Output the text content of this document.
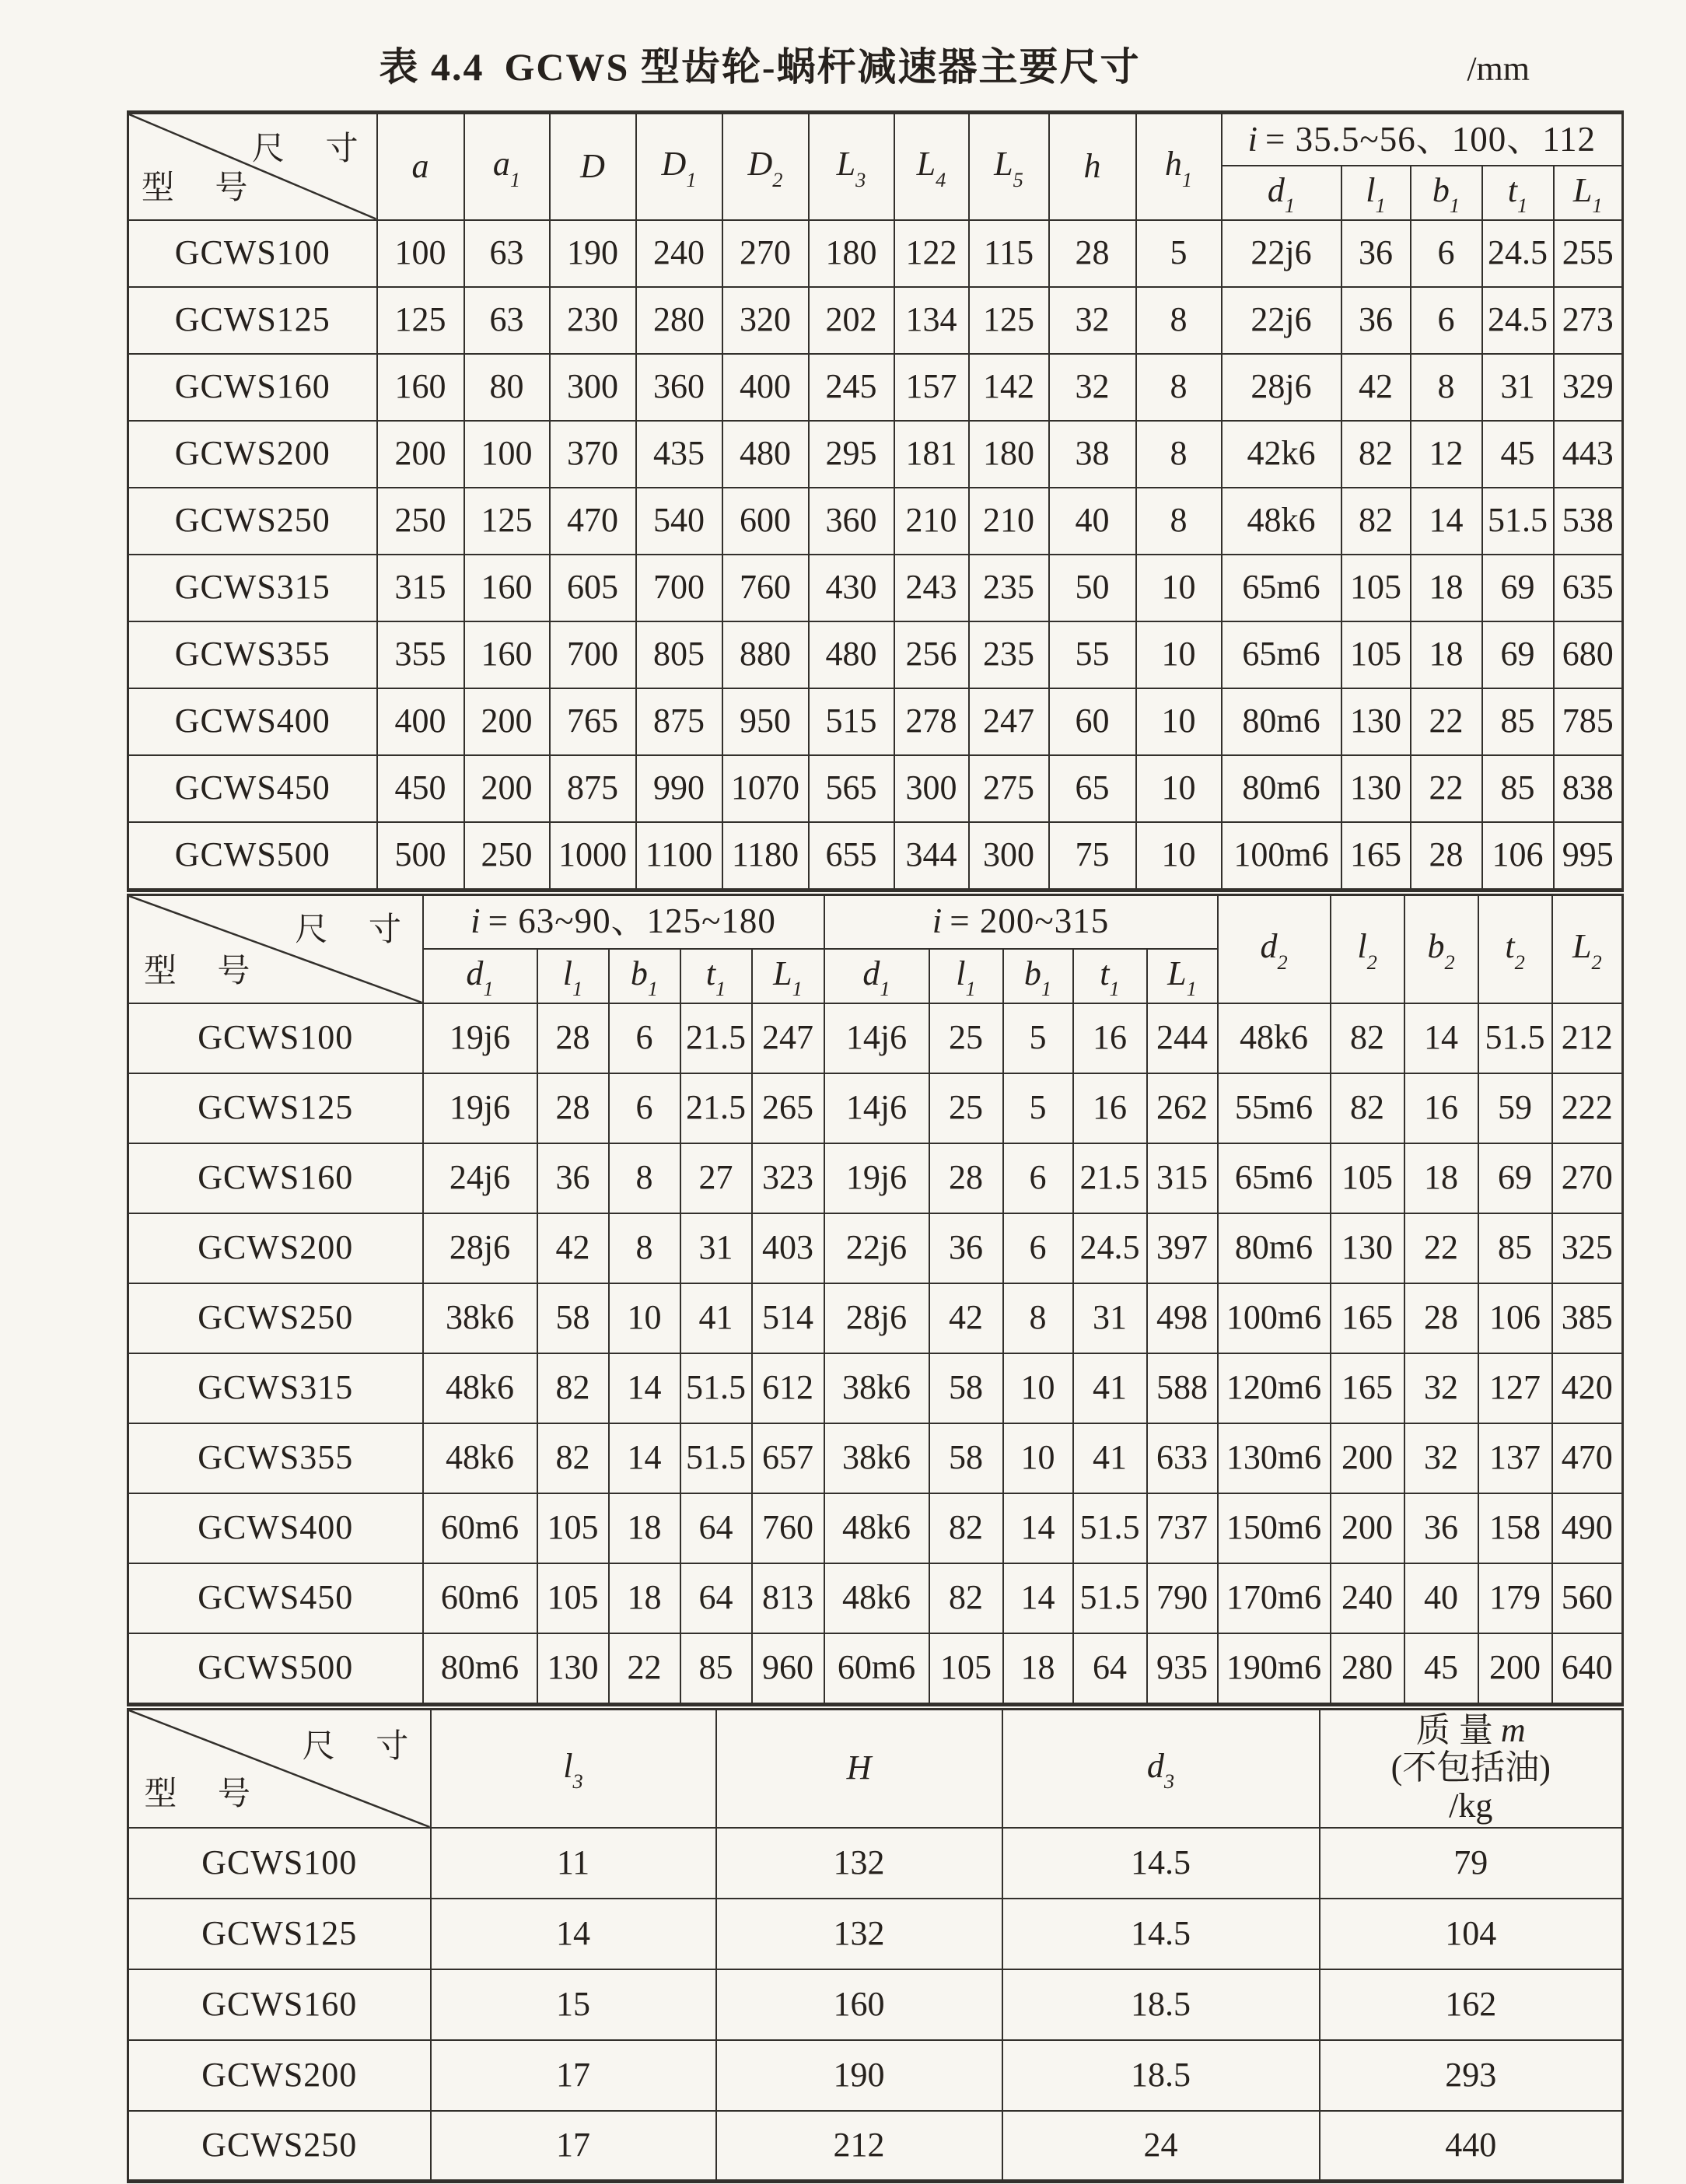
表 4.4 GCWS 型齿轮-蜗杆减速器主要尺寸	/mm
尺 寸
型 号	a	$a_1$	D	$D_1$	$D_2$	$L_3$	$L_4$	$L_5$	h	$h_1$	i = 35.5~56、100、112				
											$d_1$	$l_1$	$b_1$	$t_1$	$L_1$
GCWS100	100	63	190	240	270	180	122	115	28	5	22j6	36	6	24.5	255
GCWS125	125	63	230	280	320	202	134	125	32	8	22j6	36	6	24.5	273
GCWS160	160	80	300	360	400	245	157	142	32	8	28j6	42	8	31	329
GCWS200	200	100	370	435	480	295	181	180	38	8	42k6	82	12	45	443
GCWS250	250	125	470	540	600	360	210	210	40	8	48k6	82	14	51.5	538
GCWS315	315	160	605	700	760	430	243	235	50	10	65m6	105	18	69	635
GCWS355	355	160	700	805	880	480	256	235	55	10	65m6	105	18	69	680
GCWS400	400	200	765	875	950	515	278	247	60	10	80m6	130	22	85	785
GCWS450	450	200	875	990	1070	565	300	275	65	10	80m6	130	22	85	838
GCWS500	500	250	1000	1100	1180	655	344	300	75	10	100m6	165	28	106	995
尺 寸
型 号	i = 63~90、125~180					i = 200~315					$d_2$	$l_2$	$b_2$	$t_2$	$L_2$
	$d_1$	$l_1$	$b_1$	$t_1$	$L_1$	$d_1$	$l_1$	$b_1$	$t_1$	$L_1$
GCWS100	19j6	28	6	21.5	247	14j6	25	5	16	244	48k6	82	14	51.5	212
GCWS125	19j6	28	6	21.5	265	14j6	25	5	16	262	55m6	82	16	59	222
GCWS160	24j6	36	8	27	323	19j6	28	6	21.5	315	65m6	105	18	69	270
GCWS200	28j6	42	8	31	403	22j6	36	6	24.5	397	80m6	130	22	85	325
GCWS250	38k6	58	10	41	514	28j6	42	8	31	498	100m6	165	28	106	385
GCWS315	48k6	82	14	51.5	612	38k6	58	10	41	588	120m6	165	32	127	420
GCWS355	48k6	82	14	51.5	657	38k6	58	10	41	633	130m6	200	32	137	470
GCWS400	60m6	105	18	64	760	48k6	82	14	51.5	737	150m6	200	36	158	490
GCWS450	60m6	105	18	64	813	48k6	82	14	51.5	790	170m6	240	40	179	560
GCWS500	80m6	130	22	85	960	60m6	105	18	64	935	190m6	280	45	200	640
尺 寸
型 号	$l_3$	H	$d_3$	质 量 m
(不包括油)
/kg
GCWS100	11	132	14.5	79
GCWS125	14	132	14.5	104
GCWS160	15	160	18.5	162
GCWS200	17	190	18.5	293
GCWS250	17	212	24	440
